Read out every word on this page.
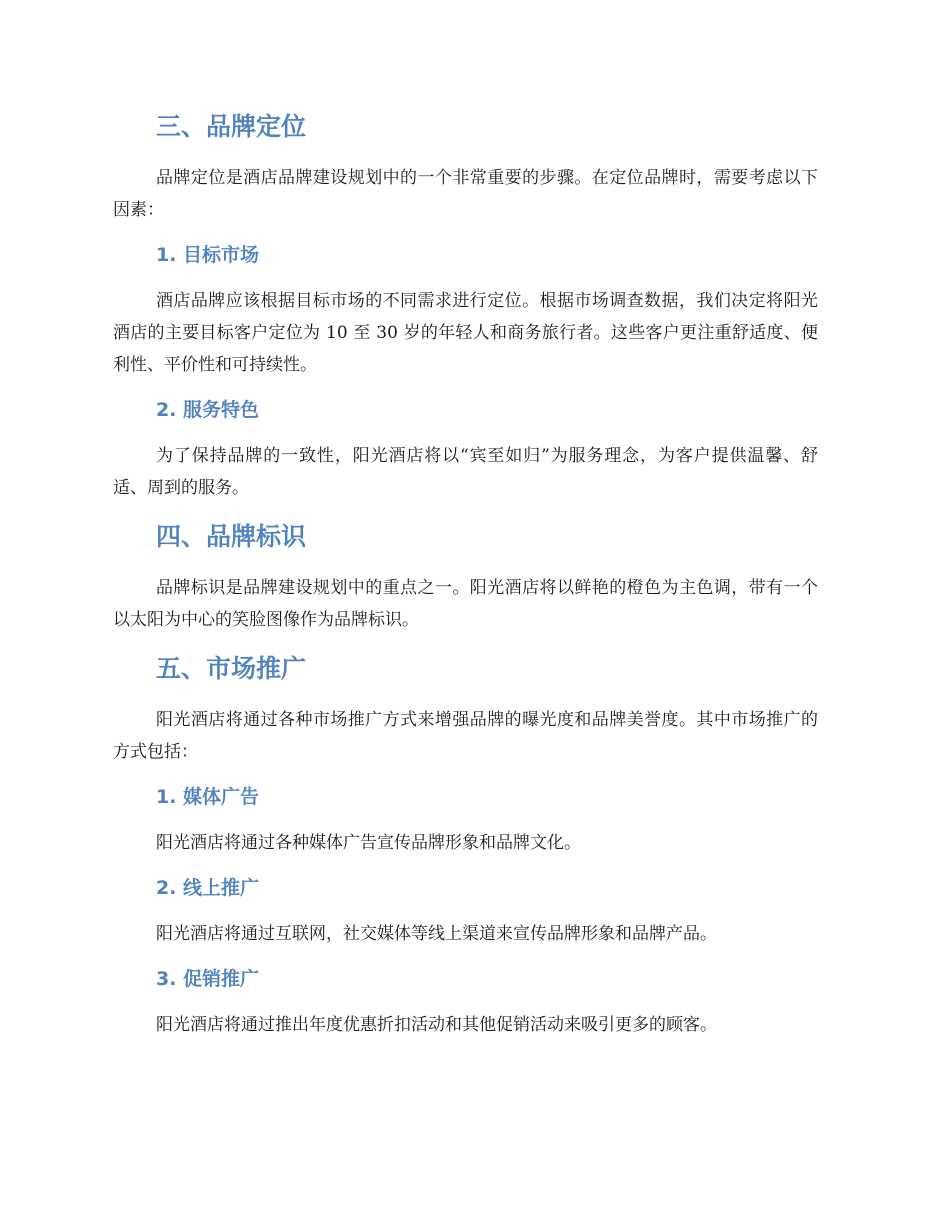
三、品牌定位

品牌定位是酒店品牌建设规划中的一个非常重要的步骤。在定位品牌时，需要考虑以下因素：

1. 目标市场

酒店品牌应该根据目标市场的不同需求进行定位。根据市场调查数据，我们决定将阳光酒店的主要目标客户定位为 10 至 30 岁的年轻人和商务旅行者。这些客户更注重舒适度、便利性、平价性和可持续性。

2. 服务特色

为了保持品牌的一致性，阳光酒店将以“宾至如归”为服务理念，为客户提供温馨、舒适、周到的服务。

四、品牌标识

品牌标识是品牌建设规划中的重点之一。阳光酒店将以鲜艳的橙色为主色调，带有一个以太阳为中心的笑脸图像作为品牌标识。

五、市场推广

阳光酒店将通过各种市场推广方式来增强品牌的曝光度和品牌美誉度。其中市场推广的方式包括：

1. 媒体广告

阳光酒店将通过各种媒体广告宣传品牌形象和品牌文化。

2. 线上推广

阳光酒店将通过互联网，社交媒体等线上渠道来宣传品牌形象和品牌产品。

3. 促销推广

阳光酒店将通过推出年度优惠折扣活动和其他促销活动来吸引更多的顾客。
